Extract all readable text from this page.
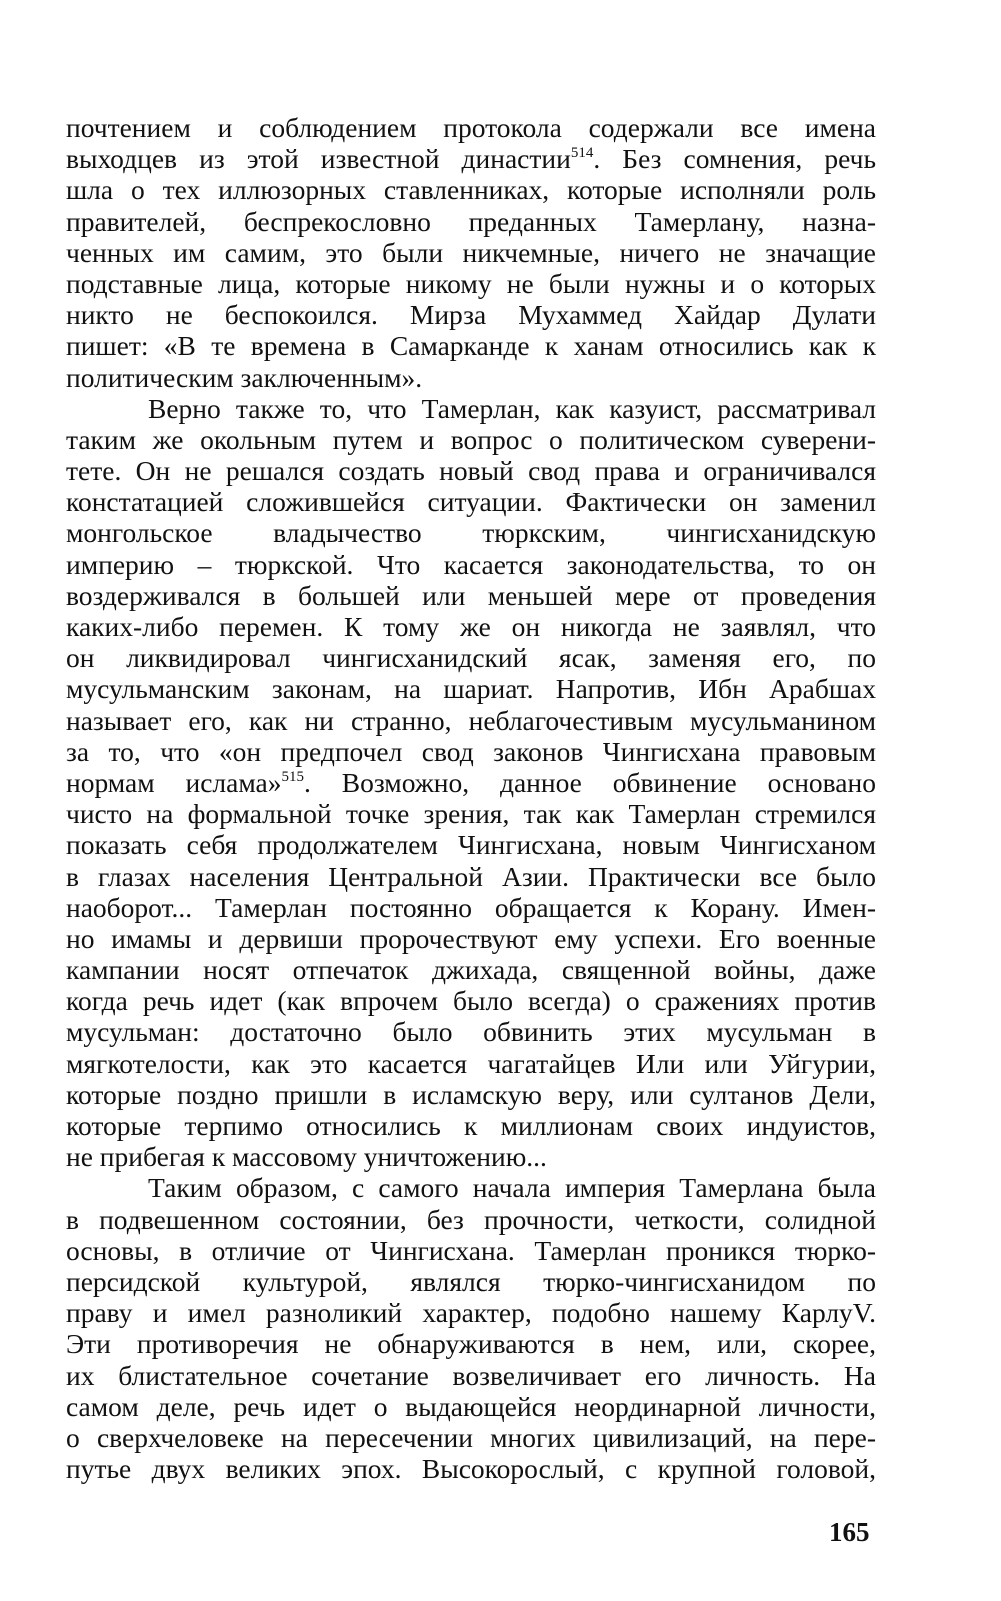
почтением и соблюдением протокола содержали все имена
выходцев из этой известной династии$^{514}$. Без сомнения, речь
шла о тех иллюзорных ставленниках, которые исполняли роль
правителей, беспрекословно преданных Тамерлану, назна-
ченных им самим, это были никчемные, ничего не значащие
подставные лица, которые никому не были нужны и о которых
никто не беспокоился. Мирза Мухаммед Хайдар Дулати
пишет: «В те времена в Самарканде к ханам относились как к
политическим заключенным».
Верно также то, что Тамерлан, как казуист, рассматривал
таким же окольным путем и вопрос о политическом суверени-
тете. Он не решался создать новый свод права и ограничивался
констатацией сложившейся ситуации. Фактически он заменил
монгольское владычество тюркским, чингисханидскую
империю – тюркской. Что касается законодательства, то он
воздерживался в большей или меньшей мере от проведения
каких-либо перемен. К тому же он никогда не заявлял, что
он ликвидировал чингисханидский ясак, заменяя его, по
мусульманским законам, на шариат. Напротив, Ибн Арабшах
называет его, как ни странно, неблагочестивым мусульманином
за то, что «он предпочел свод законов Чингисхана правовым
нормам ислама»$^{515}$. Возможно, данное обвинение основано
чисто на формальной точке зрения, так как Тамерлан стремился
показать себя продолжателем Чингисхана, новым Чингисханом
в глазах населения Центральной Азии. Практически все было
наоборот... Тамерлан постоянно обращается к Корану. Имен-
но имамы и дервиши пророчествуют ему успехи. Его военные
кампании носят отпечаток джихада, священной войны, даже
когда речь идет (как впрочем было всегда) о сражениях против
мусульман: достаточно было обвинить этих мусульман в
мягкотелости, как это касается чагатайцев Или или Уйгурии,
которые поздно пришли в исламскую веру, или султанов Дели,
которые терпимо относились к миллионам своих индуистов,
не прибегая к массовому уничтожению...
Таким образом, с самого начала империя Тамерлана была
в подвешенном состоянии, без прочности, четкости, солидной
основы, в отличие от Чингисхана. Тамерлан проникся тюрко-
персидской культурой, являлся тюрко-чингисханидом по
праву и имел разноликий характер, подобно нашему КарлуV.
Эти противоречия не обнаруживаются в нем, или, скорее,
их блистательное сочетание возвеличивает его личность. На
самом деле, речь идет о выдающейся неординарной личности,
о сверхчеловеке на пересечении многих цивилизаций, на пере-
путье двух великих эпох. Высокорослый, с крупной головой,
165
